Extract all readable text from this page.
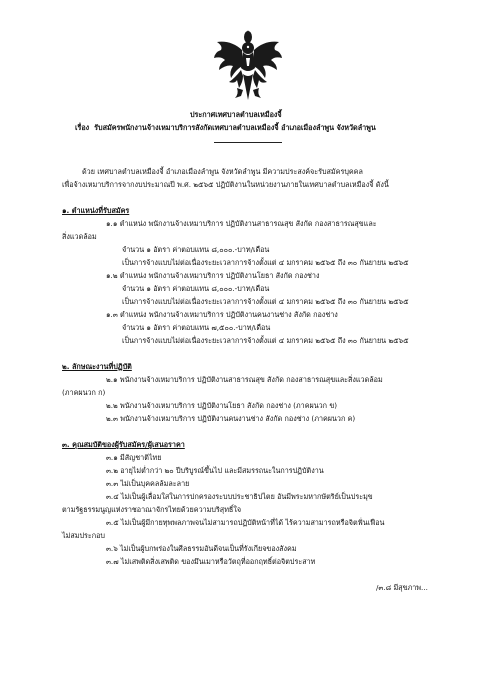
ประกาศเทศบาลตำบลเหมืองจี้
เรื่อง รับสมัครพนักงานจ้างเหมาบริการสังกัดเทศบาลตำบลเหมืองจี้ อำเภอเมืองลำพูน จังหวัดลำพูน
ด้วย เทศบาลตำบลเหมืองจี้ อำเภอเมืองลำพูน จังหวัดลำพูน มีความประสงค์จะรับสมัครบุคคล
เพื่อจ้างเหมาบริการจากงบประมาณปี พ.ศ. ๒๕๖๕ ปฏิบัติงานในหน่วยงานภายในเทศบาลตำบลเหมืองจี้ ดังนี้
๑. ตำแหน่งที่รับสมัคร
๑.๑ ตำแหน่ง พนักงานจ้างเหมาบริการ ปฏิบัติงานสาธารณสุข สังกัด กองสาธารณสุขและ
สิ่งแวดล้อม
จำนวน ๑ อัตรา ค่าตอบแทน ๘,๐๐๐.-บาท/เดือน
เป็นการจ้างแบบไม่ต่อเนื่องระยะเวลาการจ้างตั้งแต่ ๔ มกราคม ๒๕๖๕ ถึง ๓๐ กันยายน ๒๕๖๕
๑.๒ ตำแหน่ง พนักงานจ้างเหมาบริการ ปฏิบัติงานโยธา สังกัด กองช่าง
จำนวน ๑ อัตรา ค่าตอบแทน ๘,๐๐๐.-บาท/เดือน
เป็นการจ้างแบบไม่ต่อเนื่องระยะเวลาการจ้างตั้งแต่ ๔ มกราคม ๒๕๖๕ ถึง ๓๐ กันยายน ๒๕๖๕
๑.๓ ตำแหน่ง พนักงานจ้างเหมาบริการ ปฏิบัติงานคนงานช่าง สังกัด กองช่าง
จำนวน ๑ อัตรา ค่าตอบแทน ๗,๕๐๐.-บาท/เดือน
เป็นการจ้างแบบไม่ต่อเนื่องระยะเวลาการจ้างตั้งแต่ ๔ มกราคม ๒๕๖๕ ถึง ๓๐ กันยายน ๒๕๖๕
๒. ลักษณะงานที่ปฏิบัติ
๒.๑ พนักงานจ้างเหมาบริการ ปฏิบัติงานสาธารณสุข สังกัด กองสาธารณสุขและสิ่งแวดล้อม
(ภาคผนวก ก)
๒.๒ พนักงานจ้างเหมาบริการ ปฏิบัติงานโยธา สังกัด กองช่าง (ภาคผนวก ข)
๒.๓ พนักงานจ้างเหมาบริการ ปฏิบัติงานคนงานช่าง สังกัด กองช่าง (ภาคผนวก ค)
๓. คุณสมบัติของผู้รับสมัคร/ผู้เสนอราคา
๓.๑ มีสัญชาติไทย
๓.๒ อายุไม่ต่ำกว่า ๒๐ ปีบริบูรณ์ขึ้นไป และมีสมรรถนะในการปฏิบัติงาน
๓.๓ ไม่เป็นบุคคลล้มละลาย
๓.๔ ไม่เป็นผู้เลื่อมใสในการปกครองระบบประชาธิปไตย อันมีพระมหากษัตริย์เป็นประมุข
ตามรัฐธรรมนูญแห่งราชอาณาจักรไทยด้วยความบริสุทธิ์ใจ
๓.๕ ไม่เป็นผู้มีกายทุพพลภาพจนไม่สามารถปฏิบัติหน้าที่ได้ ไร้ความสามารถหรือจิตฟั่นเฟือน
ไม่สมประกอบ
๓.๖ ไม่เป็นผู้บกพร่องในศีลธรรมอันดีจนเป็นที่รังเกียจของสังคม
๓.๗ ไม่เสพติดสิ่งเสพติด ของมึนเมาหรือวัตถุที่ออกฤทธิ์ต่อจิตประสาท
/๓.๘ มีสุขภาพ...
